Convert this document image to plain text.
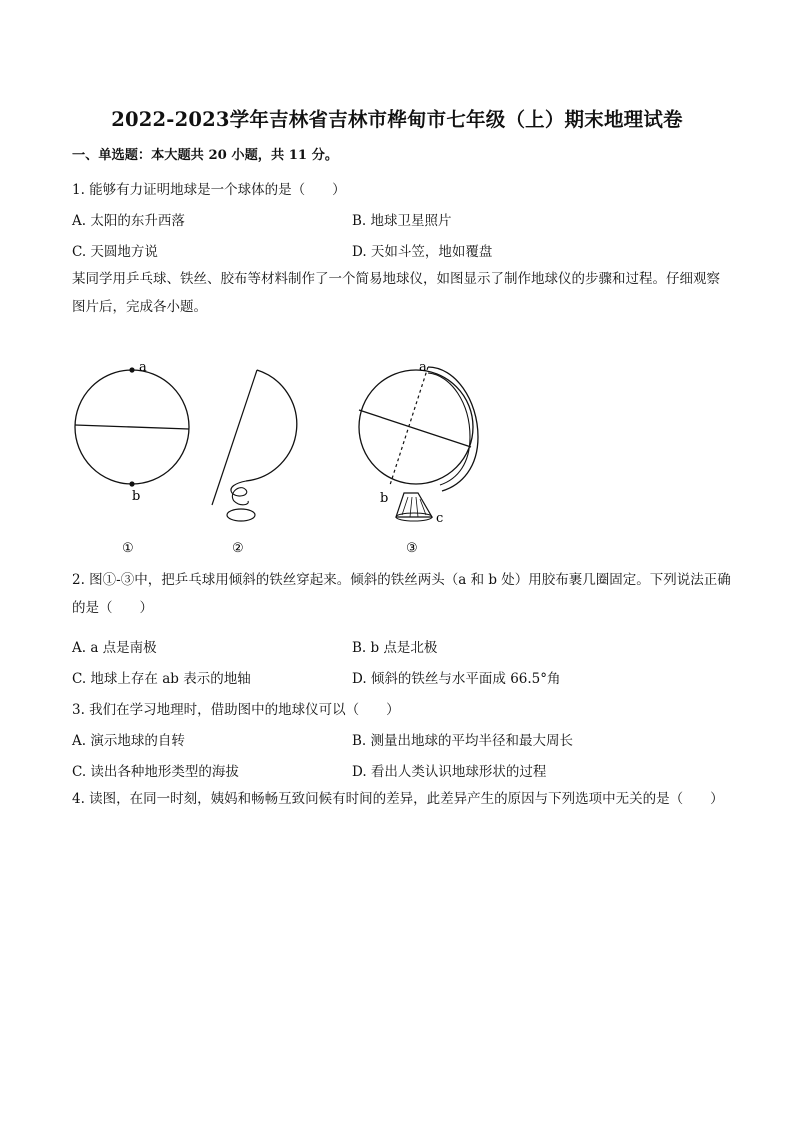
2022-2023学年吉林省吉林市桦甸市七年级（上）期末地理试卷
一、单选题：本大题共 20 小题，共 11 分。
1. 能够有力证明地球是一个球体的是（　　）
A. 太阳的东升西落	B. 地球卫星照片
C. 天圆地方说	D. 天如斗笠，地如覆盘
某同学用乒乓球、铁丝、胶布等材料制作了一个简易地球仪，如图显示了制作地球仪的步骤和过程。仔细观察图片后，完成各小题。
a
b
①	②
a
b
c
③
2. 图①-③中，把乒乓球用倾斜的铁丝穿起来。倾斜的铁丝两头（a 和 b 处）用胶布裹几圈固定。下列说法正确的是（　　）
A. a 点是南极	B. b 点是北极
C. 地球上存在 ab 表示的地轴	D. 倾斜的铁丝与水平面成 66.5°角
3. 我们在学习地理时，借助图中的地球仪可以（　　）
A. 演示地球的自转	B. 测量出地球的平均半径和最大周长
C. 读出各种地形类型的海拔	D. 看出人类认识地球形状的过程
4. 读图，在同一时刻，姨妈和畅畅互致问候有时间的差异，此差异产生的原因与下列选项中无关的是（　　）
